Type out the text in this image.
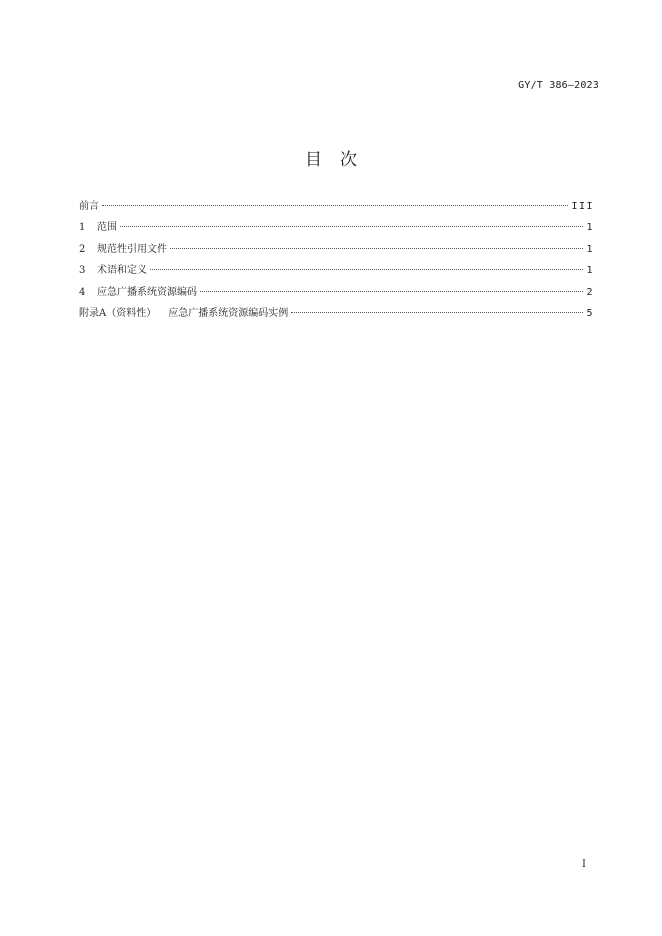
GY/T 386—2023
目次
前言	III
1	范围	1
2	规范性引用文件	1
3	术语和定义	1
4	应急广播系统资源编码	2
附录A（资料性） 应急广播系统资源编码实例	5
I
